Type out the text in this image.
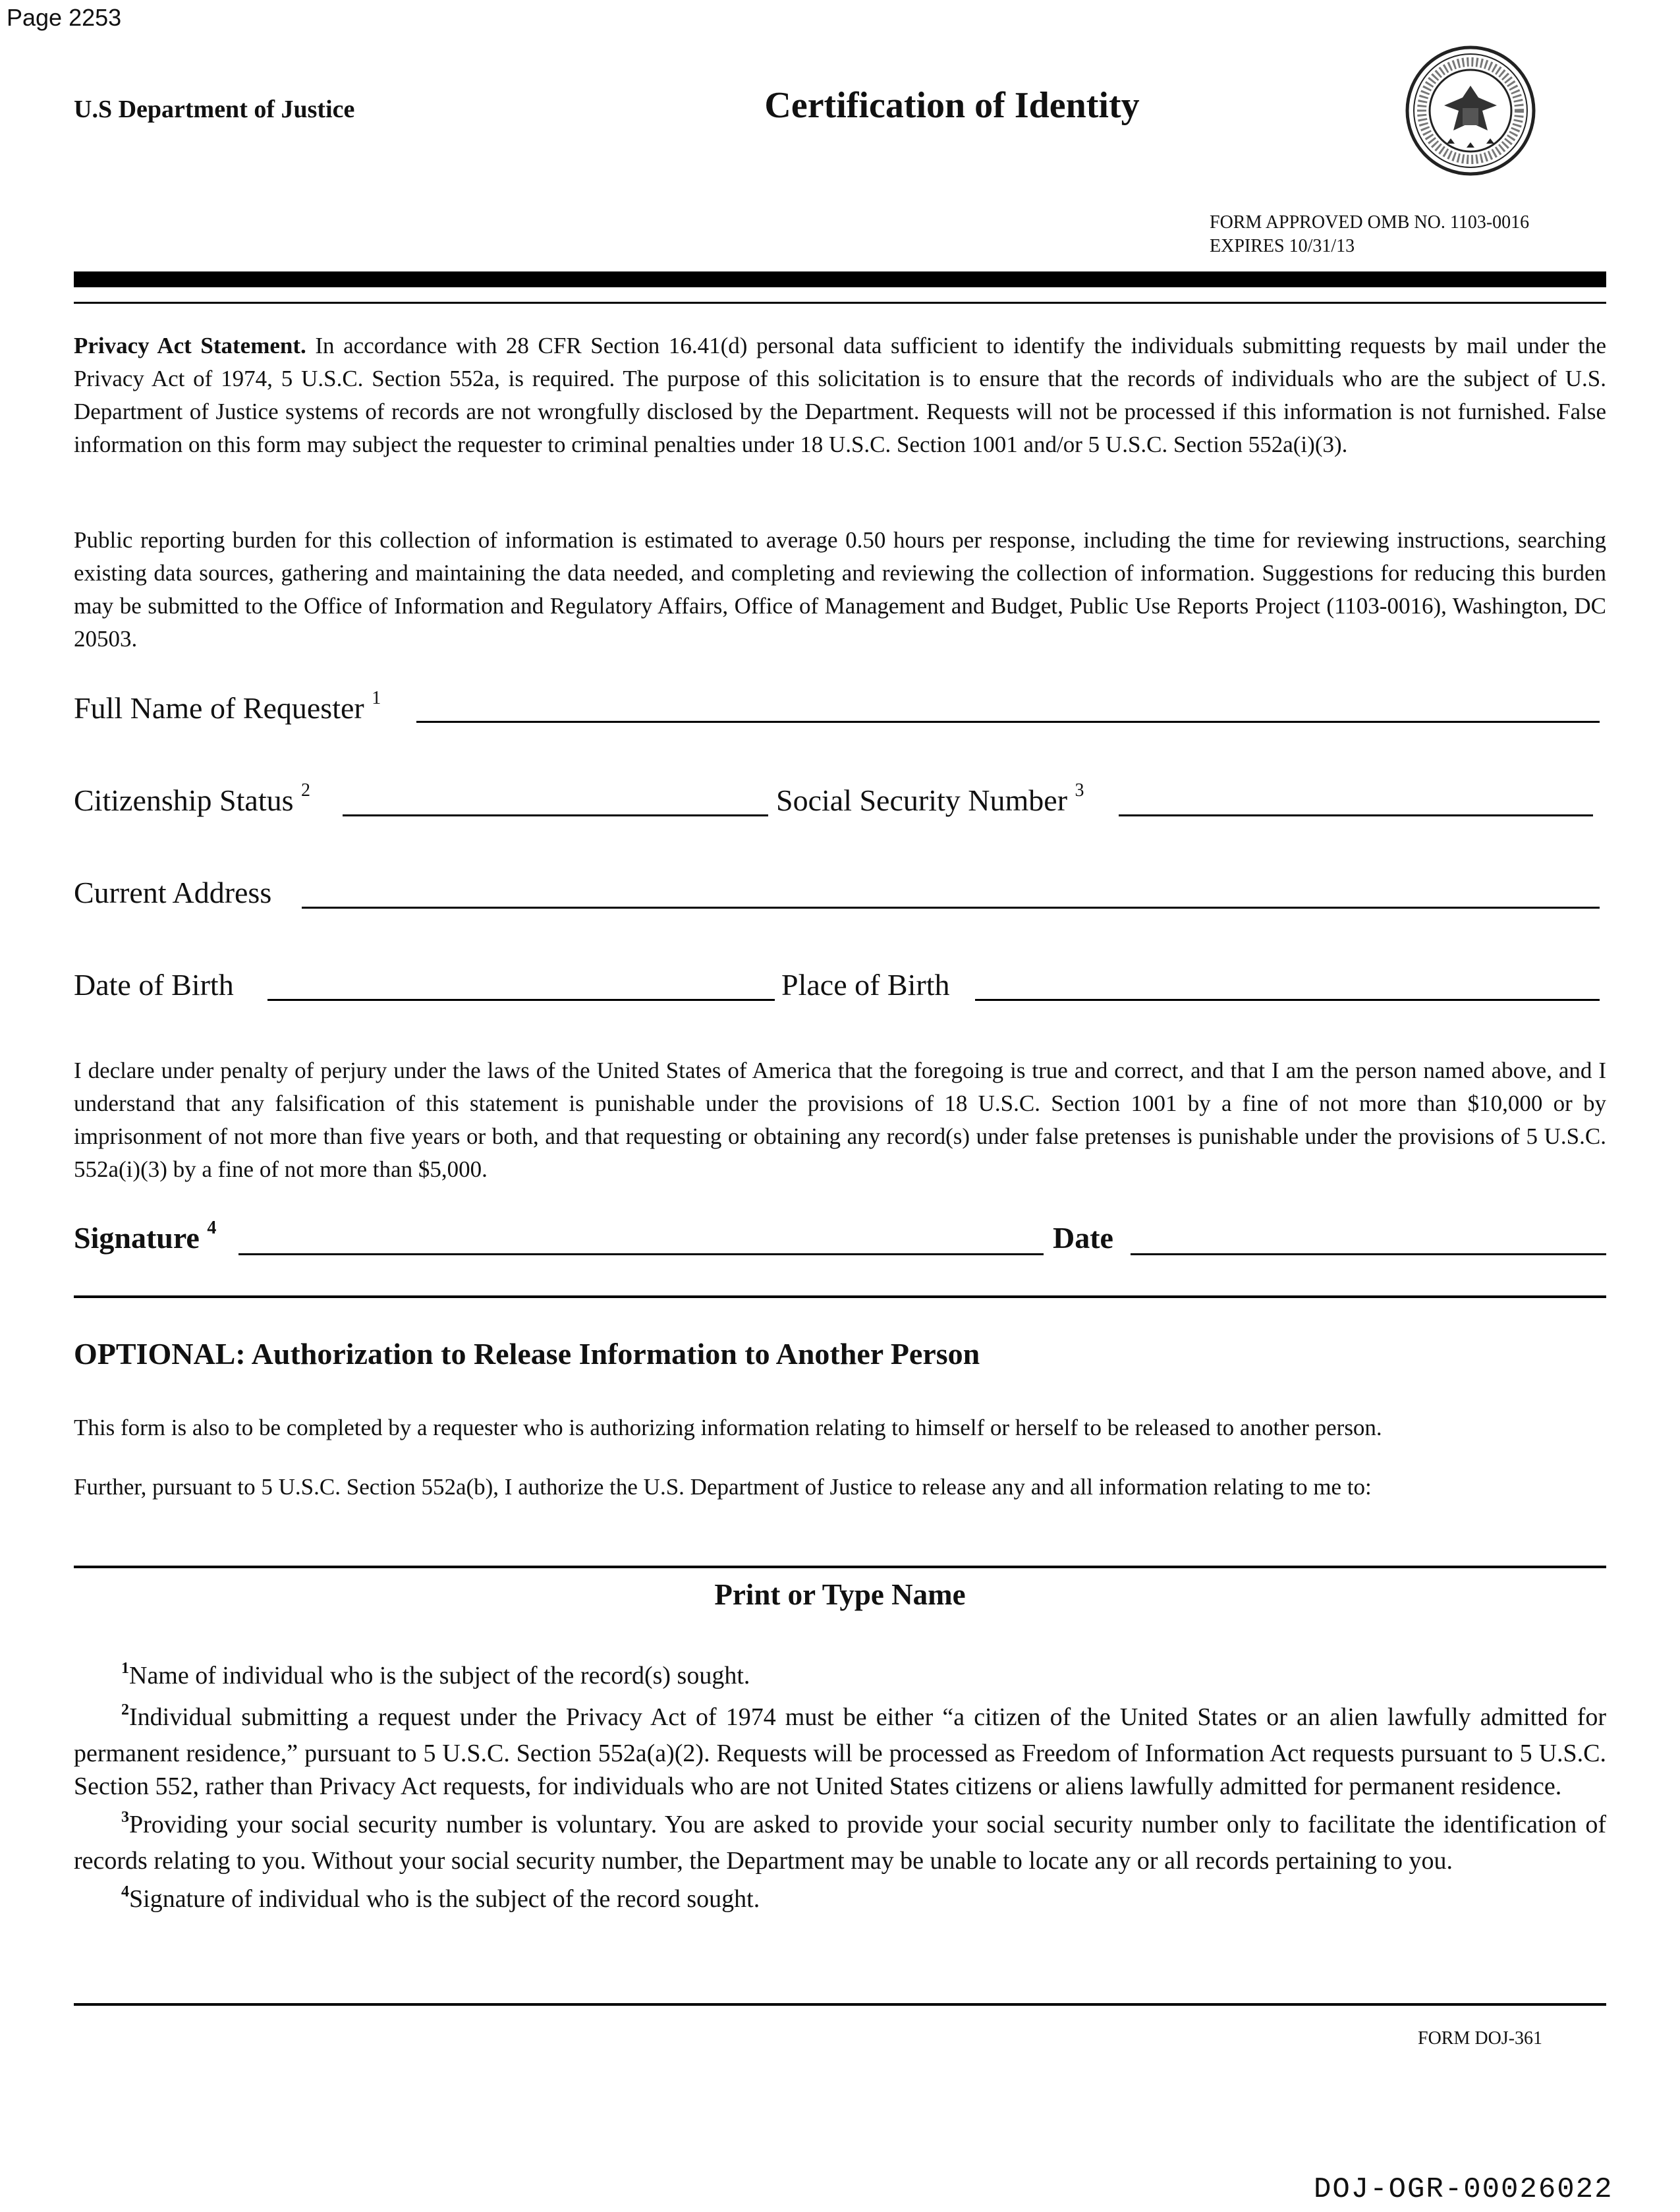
Page 2253
U.S Department of Justice	Certification of Identity
FORM APPROVED OMB NO. 1103-0016
EXPIRES 10/31/13
Privacy Act Statement. In accordance with 28 CFR Section 16.41(d) personal data sufficient to identify the individuals submitting requests by mail under the Privacy Act of 1974, 5 U.S.C. Section 552a, is required. The purpose of this solicitation is to ensure that the records of individuals who are the subject of U.S. Department of Justice systems of records are not wrongfully disclosed by the Department. Requests will not be processed if this information is not furnished. False information on this form may subject the requester to criminal penalties under 18 U.S.C. Section 1001 and/or 5 U.S.C. Section 552a(i)(3).
Public reporting burden for this collection of information is estimated to average 0.50 hours per response, including the time for reviewing instructions, searching existing data sources, gathering and maintaining the data needed, and completing and reviewing the collection of information. Suggestions for reducing this burden may be submitted to the Office of Information and Regulatory Affairs, Office of Management and Budget, Public Use Reports Project (1103-0016), Washington, DC 20503.
Full Name of Requester $^1$
Citizenship Status $^2$	Social Security Number $^3$
Current Address
Date of Birth	Place of Birth
I declare under penalty of perjury under the laws of the United States of America that the foregoing is true and correct, and that I am the person named above, and I understand that any falsification of this statement is punishable under the provisions of 18 U.S.C. Section 1001 by a fine of not more than $10,000 or by imprisonment of not more than five years or both, and that requesting or obtaining any record(s) under false pretenses is punishable under the provisions of 5 U.S.C. 552a(i)(3) by a fine of not more than $5,000.
Signature $^4$	Date
OPTIONAL: Authorization to Release Information to Another Person
This form is also to be completed by a requester who is authorizing information relating to himself or herself to be released to another person.
Further, pursuant to 5 U.S.C. Section 552a(b), I authorize the U.S. Department of Justice to release any and all information relating to me to:
Print or Type Name
$^1$Name of individual who is the subject of the record(s) sought.
$^2$Individual submitting a request under the Privacy Act of 1974 must be either “a citizen of the United States or an alien lawfully admitted for permanent residence,” pursuant to 5 U.S.C. Section 552a(a)(2). Requests will be processed as Freedom of Information Act requests pursuant to 5 U.S.C. Section 552, rather than Privacy Act requests, for individuals who are not United States citizens or aliens lawfully admitted for permanent residence.
$^3$Providing your social security number is voluntary. You are asked to provide your social security number only to facilitate the identification of records relating to you. Without your social security number, the Department may be unable to locate any or all records pertaining to you.
$^4$Signature of individual who is the subject of the record sought.
FORM DOJ-361
DOJ-OGR-00026022
